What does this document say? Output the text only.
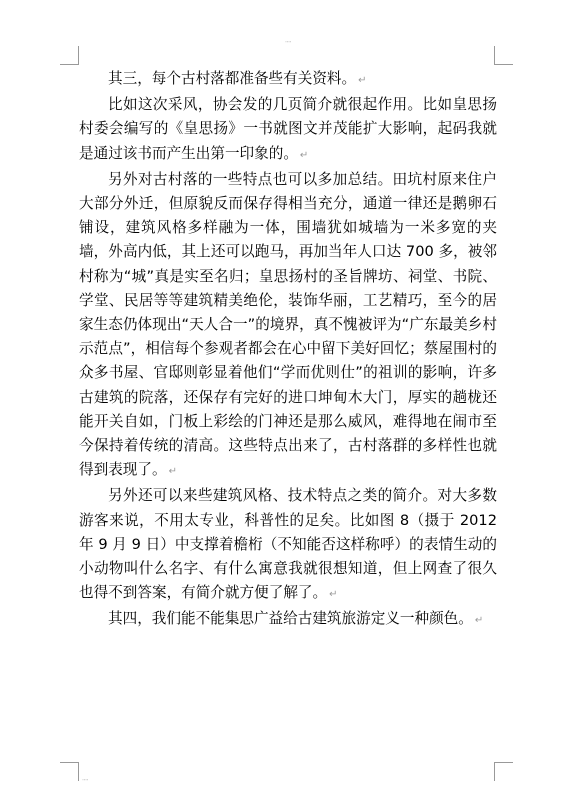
᠁
᠁

其三，每个古村落都准备些有关资料。 ↵

比如这次采风，协会发的几页简介就很起作用。比如皇思扬村委会编写的《皇思扬》一书就图文并茂能扩大影响，起码我就是通过该书而产生出第一印象的。 ↵

另外对古村落的一些特点也可以多加总结。田坑村原来住户大部分外迁，但原貌反而保存得相当充分，通道一律还是鹅卵石铺设，建筑风格多样融为一体，围墙犹如城墙为一米多宽的夹墙，外高内低，其上还可以跑马，再加当年人口达 700 多，被邻村称为“城”真是实至名归；皇思扬村的圣旨牌坊、祠堂、书院、学堂、民居等等建筑精美绝伦，装饰华丽，工艺精巧，至今的居家生态仍体现出“天人合一”的境界，真不愧被评为“广东最美乡村示范点”，相信每个参观者都会在心中留下美好回忆；蔡屋围村的众多书屋、官邸则彰显着他们“学而优则仕”的祖训的影响，许多古建筑的院落，还保存有完好的进口坤甸木大门，厚实的趟栊还能开关自如，门板上彩绘的门神还是那么威风，难得地在闹市至今保持着传统的清高。这些特点出来了，古村落群的多样性也就得到表现了。 ↵

另外还可以来些建筑风格、技术特点之类的简介。对大多数游客来说，不用太专业，科普性的足矣。比如图 8（摄于 2012 年 9 月 9 日）中支撑着檐桁（不知能否这样称呼）的表情生动的小动物叫什么名字、有什么寓意我就很想知道，但上网查了很久也得不到答案，有简介就方便了解了。 ↵

其四，我们能不能集思广益给古建筑旅游定义一种颜色。 ↵
